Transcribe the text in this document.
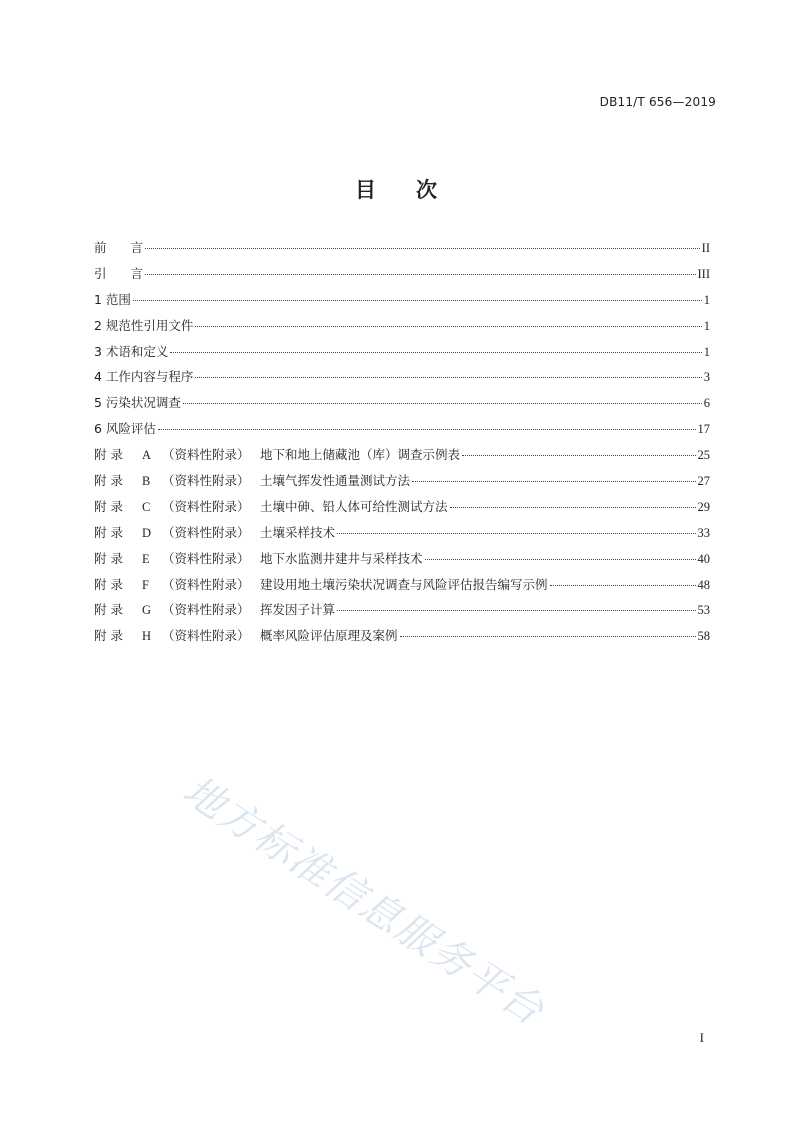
DB11/T 656—2019
目 次
前 言	II
引 言	III
1 范围	1
2 规范性引用文件	1
3 术语和定义	1
4 工作内容与程序	3
5 污染状况调查	6
6 风险评估	17
附 录 A （资料性附录） 地下和地上储藏池（库）调查示例表	25
附 录 B （资料性附录） 土壤气挥发性通量测试方法	27
附 录 C （资料性附录） 土壤中砷、铅人体可给性测试方法	29
附 录 D （资料性附录） 土壤采样技术	33
附 录 E （资料性附录） 地下水监测井建井与采样技术	40
附 录 F （资料性附录） 建设用地土壤污染状况调查与风险评估报告编写示例	48
附 录 G （资料性附录） 挥发因子计算	53
附 录 H （资料性附录） 概率风险评估原理及案例	58
地方标准信息服务平台
I
